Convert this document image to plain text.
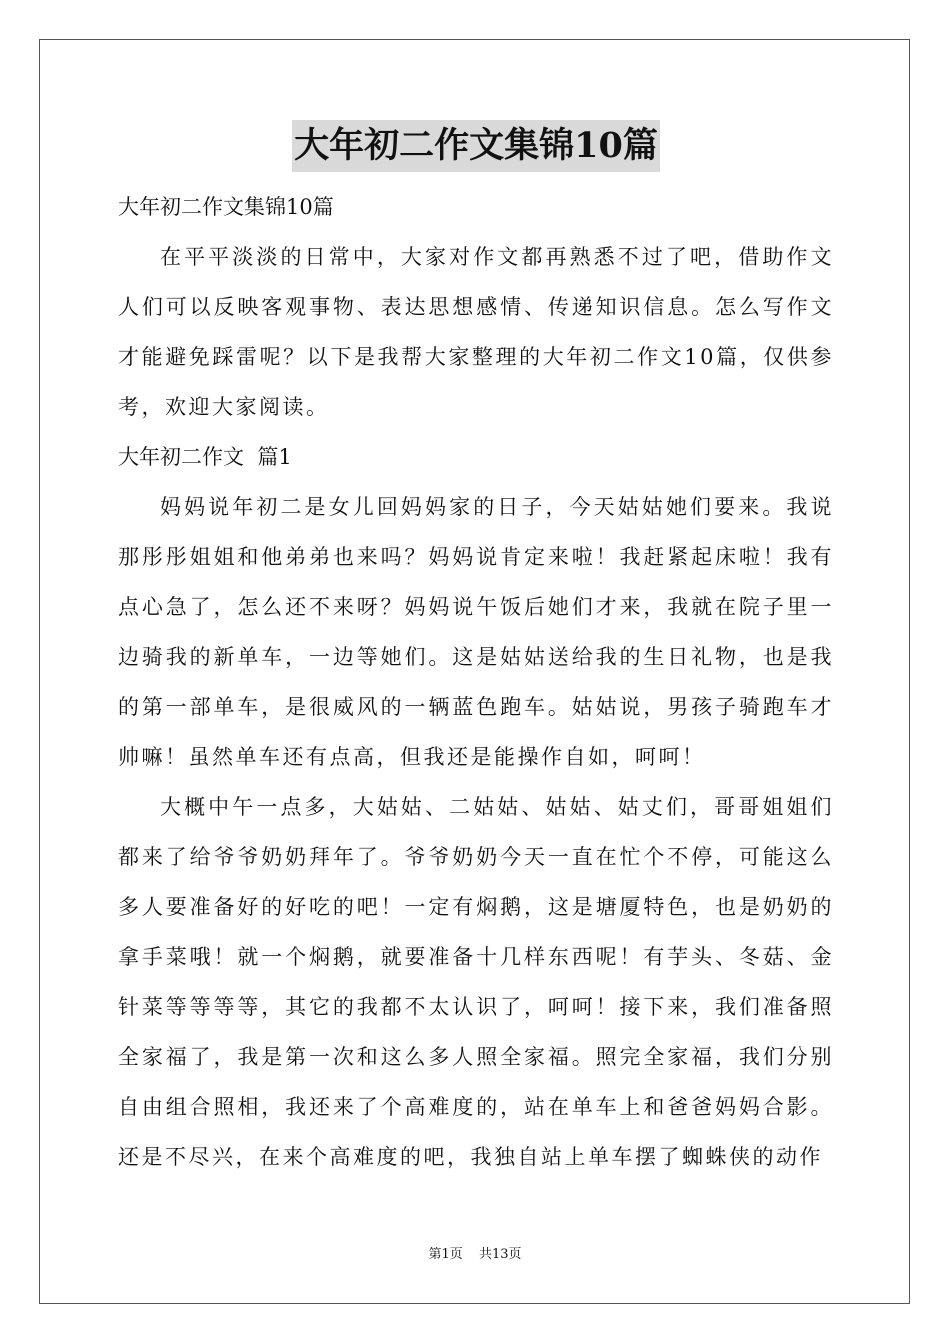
大年初二作文集锦10篇
大年初二作文集锦10篇

在平平淡淡的日常中，大家对作文都再熟悉不过了吧，借助作文人们可以反映客观事物、表达思想感情、传递知识信息。怎么写作文才能避免踩雷呢？以下是我帮大家整理的大年初二作文10篇，仅供参考，欢迎大家阅读。

大年初二作文  篇1

妈妈说年初二是女儿回妈妈家的日子，今天姑姑她们要来。我说那彤彤姐姐和他弟弟也来吗？妈妈说肯定来啦！我赶紧起床啦！我有点心急了，怎么还不来呀？妈妈说午饭后她们才来，我就在院子里一边骑我的新单车，一边等她们。这是姑姑送给我的生日礼物，也是我的第一部单车，是很威风的一辆蓝色跑车。姑姑说，男孩子骑跑车才帅嘛！虽然单车还有点高，但我还是能操作自如，呵呵！

大概中午一点多，大姑姑、二姑姑、姑姑、姑丈们，哥哥姐姐们都来了给爷爷奶奶拜年了。爷爷奶奶今天一直在忙个不停，可能这么多人要准备好的好吃的吧！一定有焖鹅，这是塘厦特色，也是奶奶的拿手菜哦！就一个焖鹅，就要准备十几样东西呢！有芋头、冬菇、金针菜等等等等，其它的我都不太认识了，呵呵！接下来，我们准备照全家福了，我是第一次和这么多人照全家福。照完全家福，我们分别自由组合照相，我还来了个高难度的，站在单车上和爸爸妈妈合影。还是不尽兴，在来个高难度的吧，我独自站上单车摆了蜘蛛侠的动作

第1页 共13页
